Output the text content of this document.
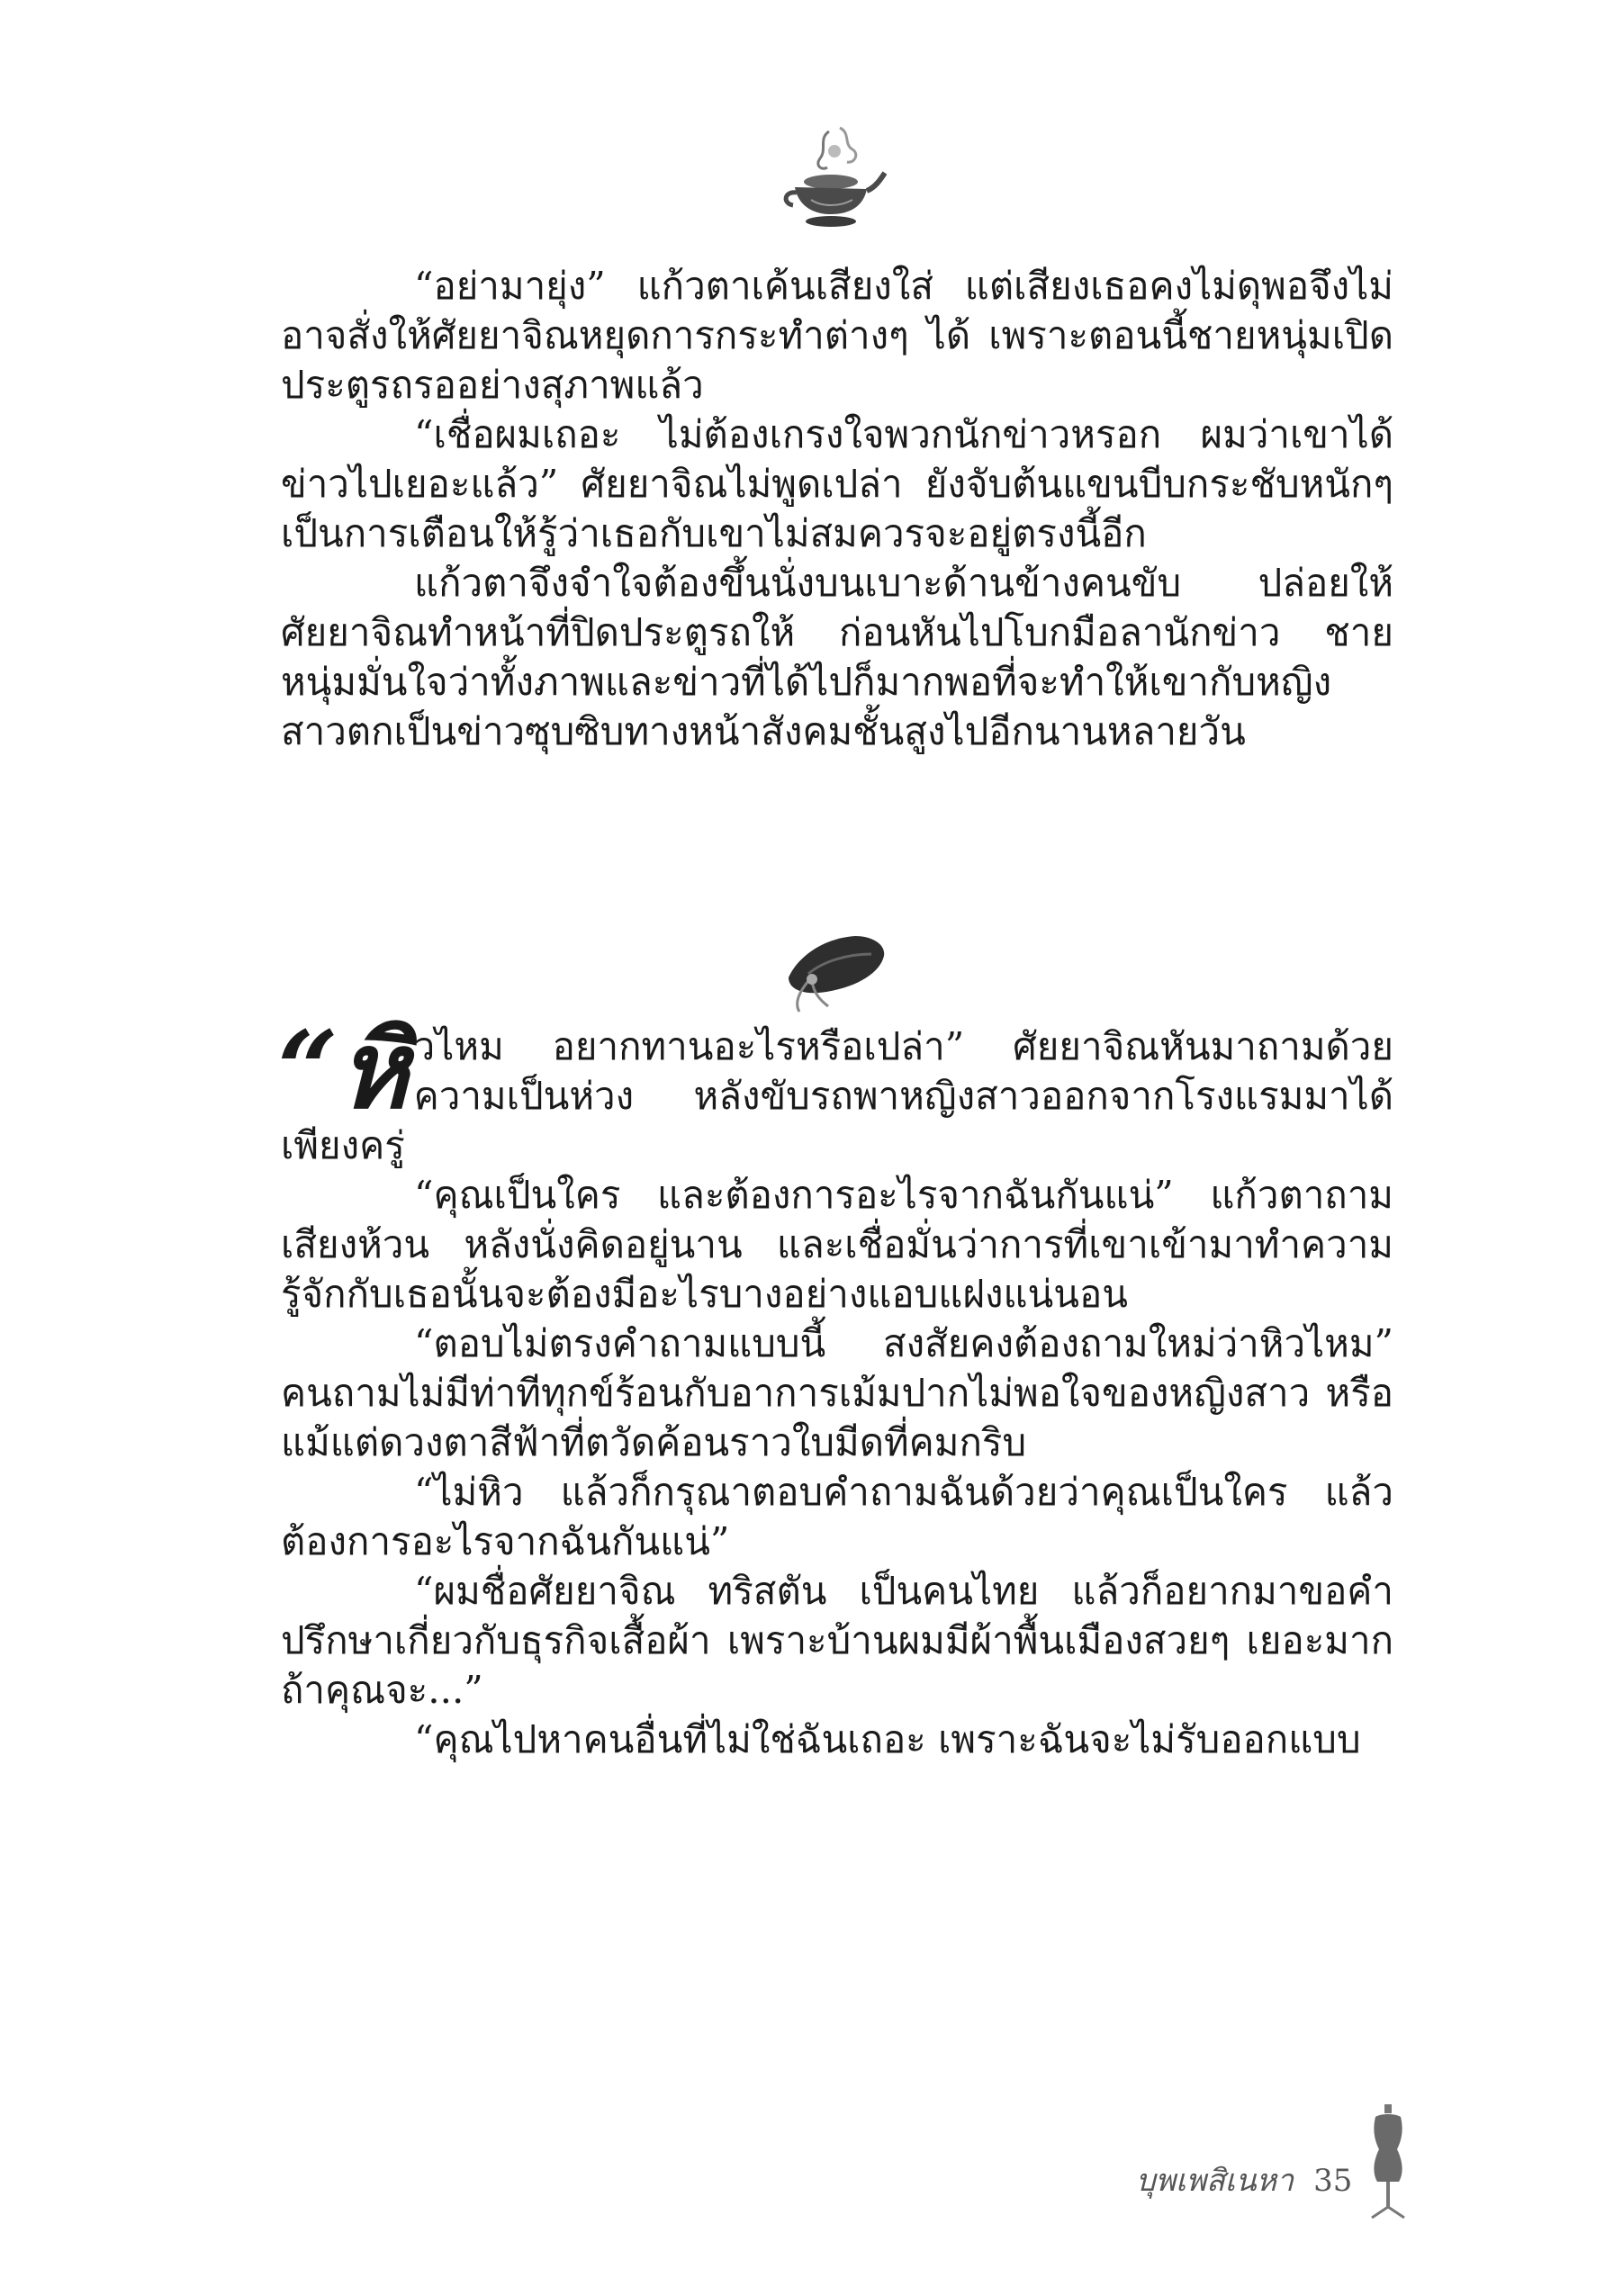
“อย่ามายุ่ง” แก้วตาเค้นเสียงใส่ แต่เสียงเธอคงไม่ดุพอจึงไม่อาจสั่งให้ศัยยาจิณหยุดการกระทำต่างๆ ได้ เพราะตอนนี้ชายหนุ่มเปิดประตูรถรออย่างสุภาพแล้ว

“เชื่อผมเถอะ ไม่ต้องเกรงใจพวกนักข่าวหรอก ผมว่าเขาได้ข่าวไปเยอะแล้ว” ศัยยาจิณไม่พูดเปล่า ยังจับต้นแขนบีบกระชับหนักๆ เป็นการเตือนให้รู้ว่าเธอกับเขาไม่สมควรจะอยู่ตรงนี้อีก

แก้วตาจึงจำใจต้องขึ้นนั่งบนเบาะด้านข้างคนขับ ปล่อยให้ศัยยาจิณทำหน้าที่ปิดประตูรถให้ ก่อนหันไปโบกมือลานักข่าว ชายหนุ่มมั่นใจว่าทั้งภาพและข่าวที่ได้ไปก็มากพอที่จะทำให้เขากับหญิงสาวตกเป็นข่าวซุบซิบทางหน้าสังคมชั้นสูงไปอีกนานหลายวัน

“หิ วไหม อยากทานอะไรหรือเปล่า” ศัยยาจิณหันมาถามด้วยความเป็นห่วง หลังขับรถพาหญิงสาวออกจากโรงแรมมาได้เพียงครู่

“คุณเป็นใคร และต้องการอะไรจากฉันกันแน่” แก้วตาถามเสียงห้วน หลังนั่งคิดอยู่นาน และเชื่อมั่นว่าการที่เขาเข้ามาทำความรู้จักกับเธอนั้นจะต้องมีอะไรบางอย่างแอบแฝงแน่นอน

“ตอบไม่ตรงคำถามแบบนี้ สงสัยคงต้องถามใหม่ว่าหิวไหม” คนถามไม่มีท่าทีทุกข์ร้อนกับอาการเม้มปากไม่พอใจของหญิงสาว หรือแม้แต่ดวงตาสีฟ้าที่ตวัดค้อนราวใบมีดที่คมกริบ

“ไม่หิว แล้วก็กรุณาตอบคำถามฉันด้วยว่าคุณเป็นใคร แล้วต้องการอะไรจากฉันกันแน่”

“ผมชื่อศัยยาจิณ ทริสตัน เป็นคนไทย แล้วก็อยากมาขอคำปรึกษาเกี่ยวกับธุรกิจเสื้อผ้า เพราะบ้านผมมีผ้าพื้นเมืองสวยๆ เยอะมาก ถ้าคุณจะ...”

“คุณไปหาคนอื่นที่ไม่ใช่ฉันเถอะ เพราะฉันจะไม่รับออกแบบ

บุพเพสิเนหา 35
